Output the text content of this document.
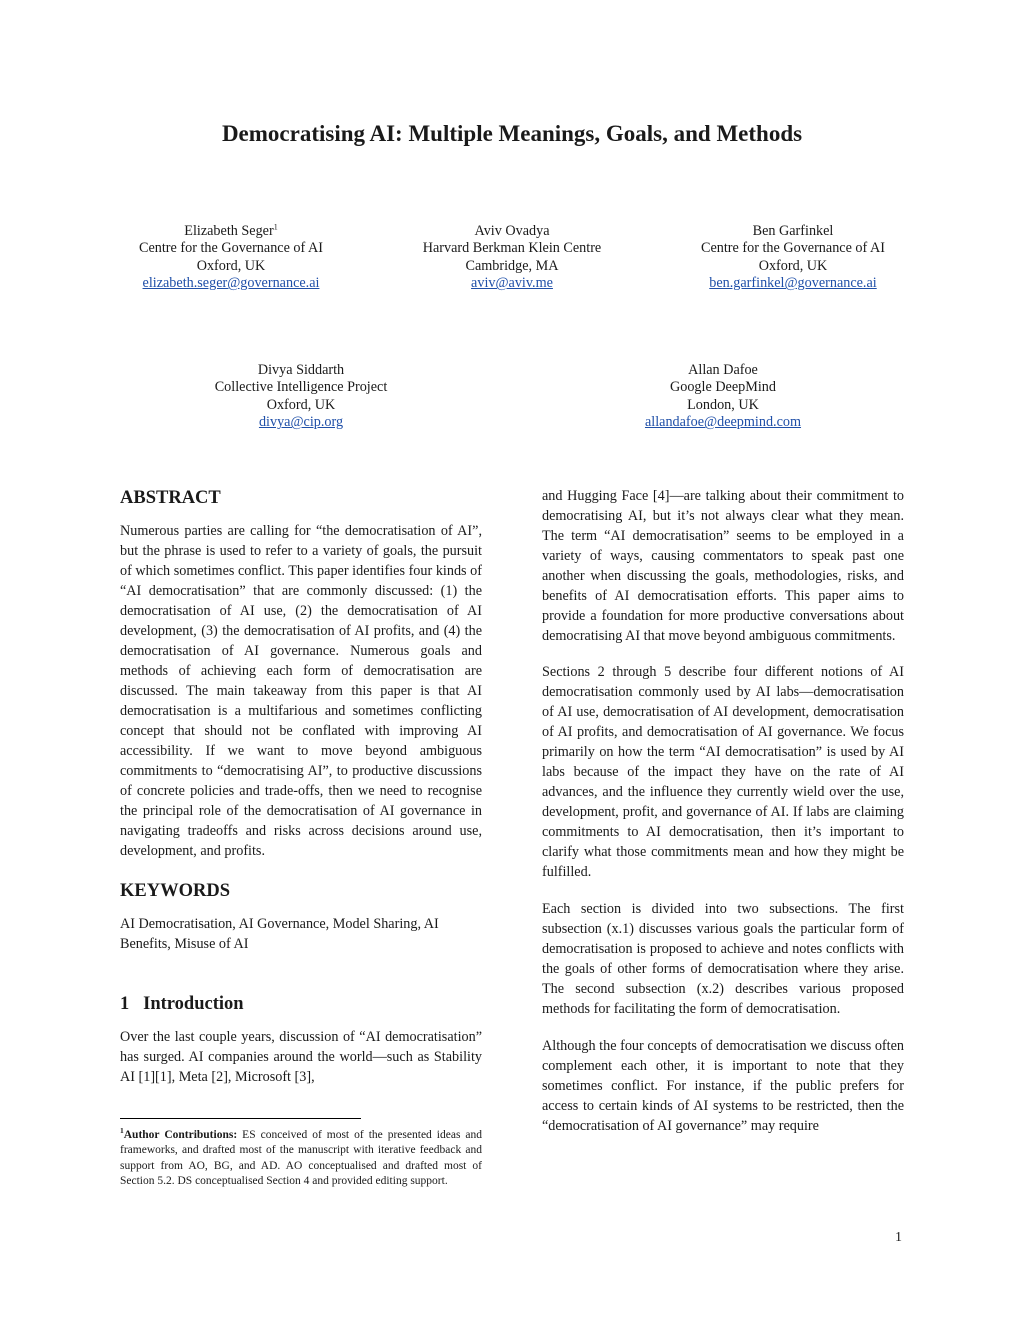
Democratising AI: Multiple Meanings, Goals, and Methods
Elizabeth Seger$^1$
Centre for the Governance of AI
Oxford, UK
elizabeth.seger@governance.ai
Aviv Ovadya
Harvard Berkman Klein Centre
Cambridge, MA
aviv@aviv.me
Ben Garfinkel
Centre for the Governance of AI
Oxford, UK
ben.garfinkel@governance.ai
Divya Siddarth
Collective Intelligence Project
Oxford, UK
divya@cip.org
Allan Dafoe
Google DeepMind
London, UK
allandafoe@deepmind.com
ABSTRACT

Numerous parties are calling for “the democratisation of AI”, but the phrase is used to refer to a variety of goals, the pursuit of which sometimes conflict. This paper identifies four kinds of “AI democratisation” that are commonly discussed: (1) the democratisation of AI use, (2) the democratisation of AI development, (3) the democratisation of AI profits, and (4) the democratisation of AI governance. Numerous goals and methods of achieving each form of democratisation are discussed. The main takeaway from this paper is that AI democratisation is a multifarious and sometimes conflicting concept that should not be conflated with improving AI accessibility. If we want to move beyond ambiguous commitments to “democratising AI”, to productive discussions of concrete policies and trade-offs, then we need to recognise the principal role of the democratisation of AI governance in navigating tradeoffs and risks across decisions around use, development, and profits.

KEYWORDS

AI Democratisation, AI Governance, Model Sharing, AI Benefits, Misuse of AI

1 Introduction

Over the last couple years, discussion of “AI democratisation” has surged. AI companies around the world—such as Stability AI [1][1], Meta [2], Microsoft [3],

$^1$Author Contributions: ES conceived of most of the presented ideas and frameworks, and drafted most of the manuscript with iterative feedback and support from AO, BG, and AD. AO conceptualised and drafted most of Section 5.2. DS conceptualised Section 4 and provided editing support.

and Hugging Face [4]—are talking about their commitment to democratising AI, but it’s not always clear what they mean. The term “AI democratisation” seems to be employed in a variety of ways, causing commentators to speak past one another when discussing the goals, methodologies, risks, and benefits of AI democratisation efforts. This paper aims to provide a foundation for more productive conversations about democratising AI that move beyond ambiguous commitments.

Sections 2 through 5 describe four different notions of AI democratisation commonly used by AI labs—democratisation of AI use, democratisation of AI development, democratisation of AI profits, and democratisation of AI governance. We focus primarily on how the term “AI democratisation” is used by AI labs because of the impact they have on the rate of AI advances, and the influence they currently wield over the use, development, profit, and governance of AI. If labs are claiming commitments to AI democratisation, then it’s important to clarify what those commitments mean and how they might be fulfilled.

Each section is divided into two subsections. The first subsection (x.1) discusses various goals the particular form of democratisation is proposed to achieve and notes conflicts with the goals of other forms of democratisation where they arise. The second subsection (x.2) describes various proposed methods for facilitating the form of democratisation.

Although the four concepts of democratisation we discuss often complement each other, it is important to note that they sometimes conflict. For instance, if the public prefers for access to certain kinds of AI systems to be restricted, then the “democratisation of AI governance” may require

1
